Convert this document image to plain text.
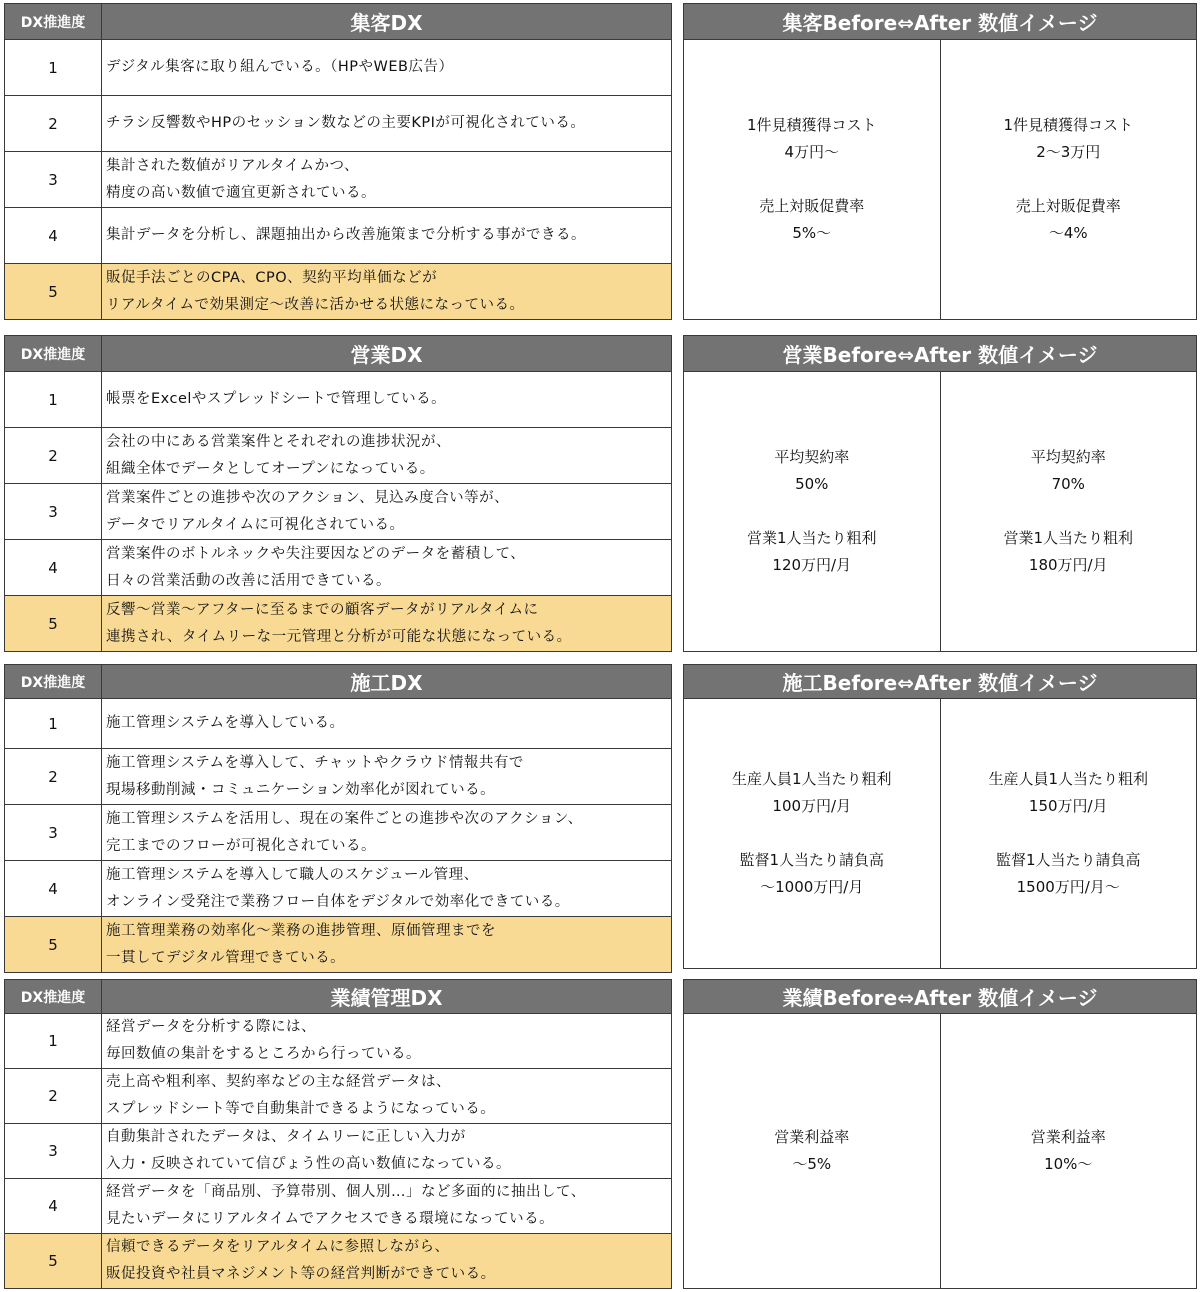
DX推進度	集客DX
1	デジタル集客に取り組んでいる。（HPやWEB広告）

2	チラシ反響数やHPのセッション数などの主要KPIが可視化されている。

3	集計された数値がリアルタイムかつ、
精度の高い数値で適宜更新されている。

4	集計データを分析し、課題抽出から改善施策まで分析する事ができる。

5	販促手法ごとのCPA、CPO、契約平均単価などが
リアルタイムで効果測定～改善に活かせる状態になっている。
集客Before⇔After 数値イメージ

1件見積獲得コスト
4万円～
売上対販促費率
5%～

1件見積獲得コスト
2～3万円
売上対販促費率
～4%
DX推進度	営業DX
1	帳票をExcelやスプレッドシートで管理している。

2	会社の中にある営業案件とそれぞれの進捗状況が、
組織全体でデータとしてオープンになっている。

3	営業案件ごとの進捗や次のアクション、見込み度合い等が、
データでリアルタイムに可視化されている。

4	営業案件のボトルネックや失注要因などのデータを蓄積して、
日々の営業活動の改善に活用できている。

5	反響～営業～アフターに至るまでの顧客データがリアルタイムに
連携され、タイムリーな一元管理と分析が可能な状態になっている。
営業Before⇔After 数値イメージ

平均契約率
50%
営業1人当たり粗利
120万円/月

平均契約率
70%
営業1人当たり粗利
180万円/月
DX推進度	施工DX
1	施工管理システムを導入している。

2	施工管理システムを導入して、チャットやクラウド情報共有で
現場移動削減・コミュニケーション効率化が図れている。

3	施工管理システムを活用し、現在の案件ごとの進捗や次のアクション、
完工までのフローが可視化されている。

4	施工管理システムを導入して職人のスケジュール管理、
オンライン受発注で業務フロー自体をデジタルで効率化できている。

5	施工管理業務の効率化～業務の進捗管理、原価管理までを
一貫してデジタル管理できている。
施工Before⇔After 数値イメージ

生産人員1人当たり粗利
100万円/月
監督1人当たり請負高
～1000万円/月

生産人員1人当たり粗利
150万円/月
監督1人当たり請負高
1500万円/月～
DX推進度	業績管理DX
1	経営データを分析する際には、
毎回数値の集計をするところから行っている。

2	売上高や粗利率、契約率などの主な経営データは、
スプレッドシート等で自動集計できるようになっている。

3	自動集計されたデータは、タイムリーに正しい入力が
入力・反映されていて信ぴょう性の高い数値になっている。

4	経営データを「商品別、予算帯別、個人別…」など多面的に抽出して、
見たいデータにリアルタイムでアクセスできる環境になっている。

5	信頼できるデータをリアルタイムに参照しながら、
販促投資や社員マネジメント等の経営判断ができている。
業績Before⇔After 数値イメージ

営業利益率
～5%

営業利益率
10%～
